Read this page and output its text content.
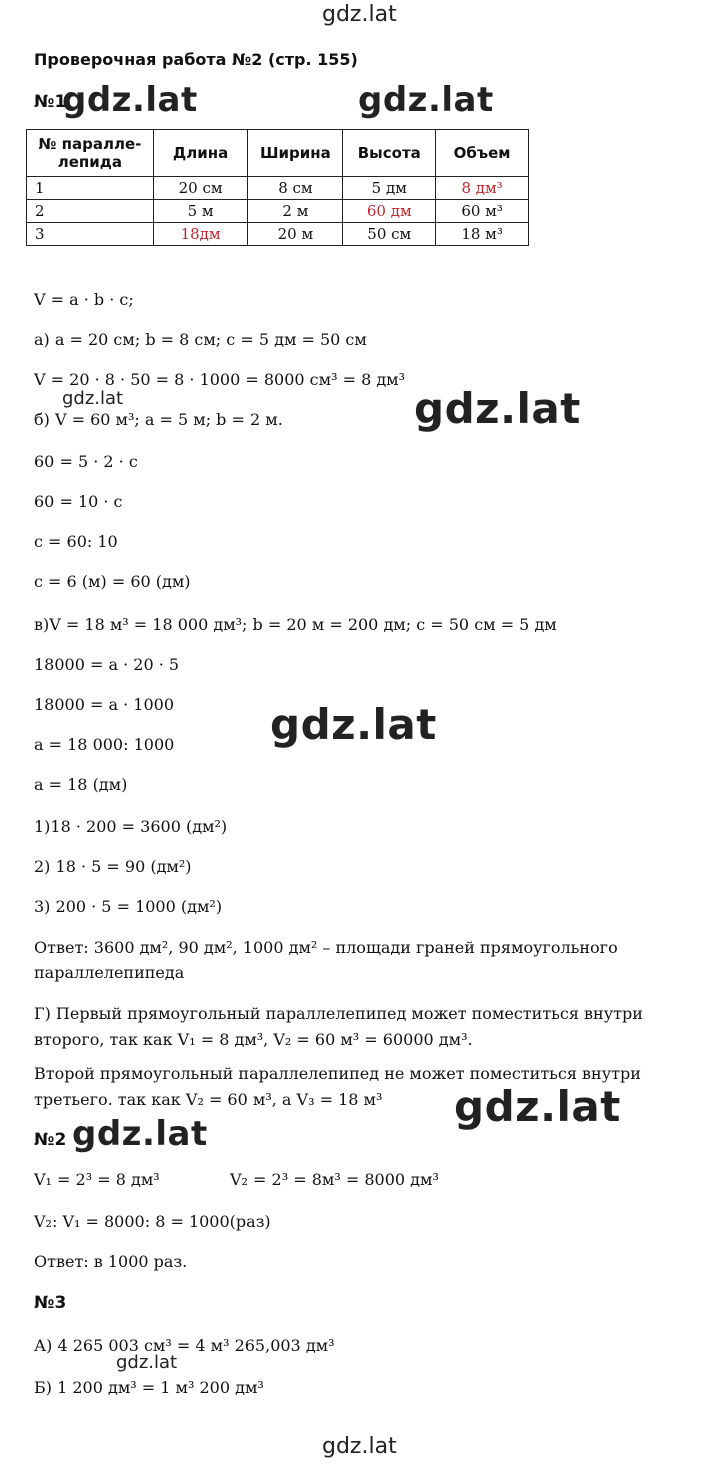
gdz.lat
gdz.lat
Проверочная работа №2 (стр. 155)
№1
gdz.lat	gdz.lat
№ паралле-
лепида	Длина	Ширина	Высота	Объем
1	20 см	8 см	5 дм	8 дм³
2	5 м	2 м	60 дм	60 м³
3	18дм	20 м	50 см	18 м³
V = a · b · c;
а) a = 20 см; b = 8 см; c = 5 дм = 50 см
V = 20 · 8 · 50 = 8 · 1000 = 8000 см³ = 8 дм³
gdz.lat
б) V = 60 м³; a = 5 м; b = 2 м.	gdz.lat
60 = 5 · 2 · c
60 = 10 · c
c = 60: 10
c = 6 (м) = 60 (дм)
в)V = 18 м³ = 18 000 дм³; b = 20 м = 200 дм; c = 50 см = 5 дм
18000 = a · 20 · 5
18000 = a · 1000 gdz.lat
a = 18 000: 1000
a = 18 (дм)
1)18 · 200 = 3600 (дм²)
2) 18 · 5 = 90 (дм²)
3) 200 · 5 = 1000 (дм²)
Ответ: 3600 дм², 90 дм², 1000 дм² – площади граней прямоугольного
параллелепипеда
Г) Первый прямоугольный параллелепипед может поместиться внутри
второго, так как V₁ = 8 дм³, V₂ = 60 м³ = 60000 дм³.
Второй прямоугольный параллелепипед не может поместиться внутри
третьего. так как V₂ = 60 м³, а V₃ = 18 м³ gdz.lat
№2 gdz.lat
V₁ = 2³ = 8 дм³	V₂ = 2³ = 8м³ = 8000 дм³
V₂: V₁ = 8000: 8 = 1000(раз)
Ответ: в 1000 раз.
№3
А) 4 265 003 см³ = 4 м³ 265,003 дм³
gdz.lat
Б) 1 200 дм³ = 1 м³ 200 дм³
